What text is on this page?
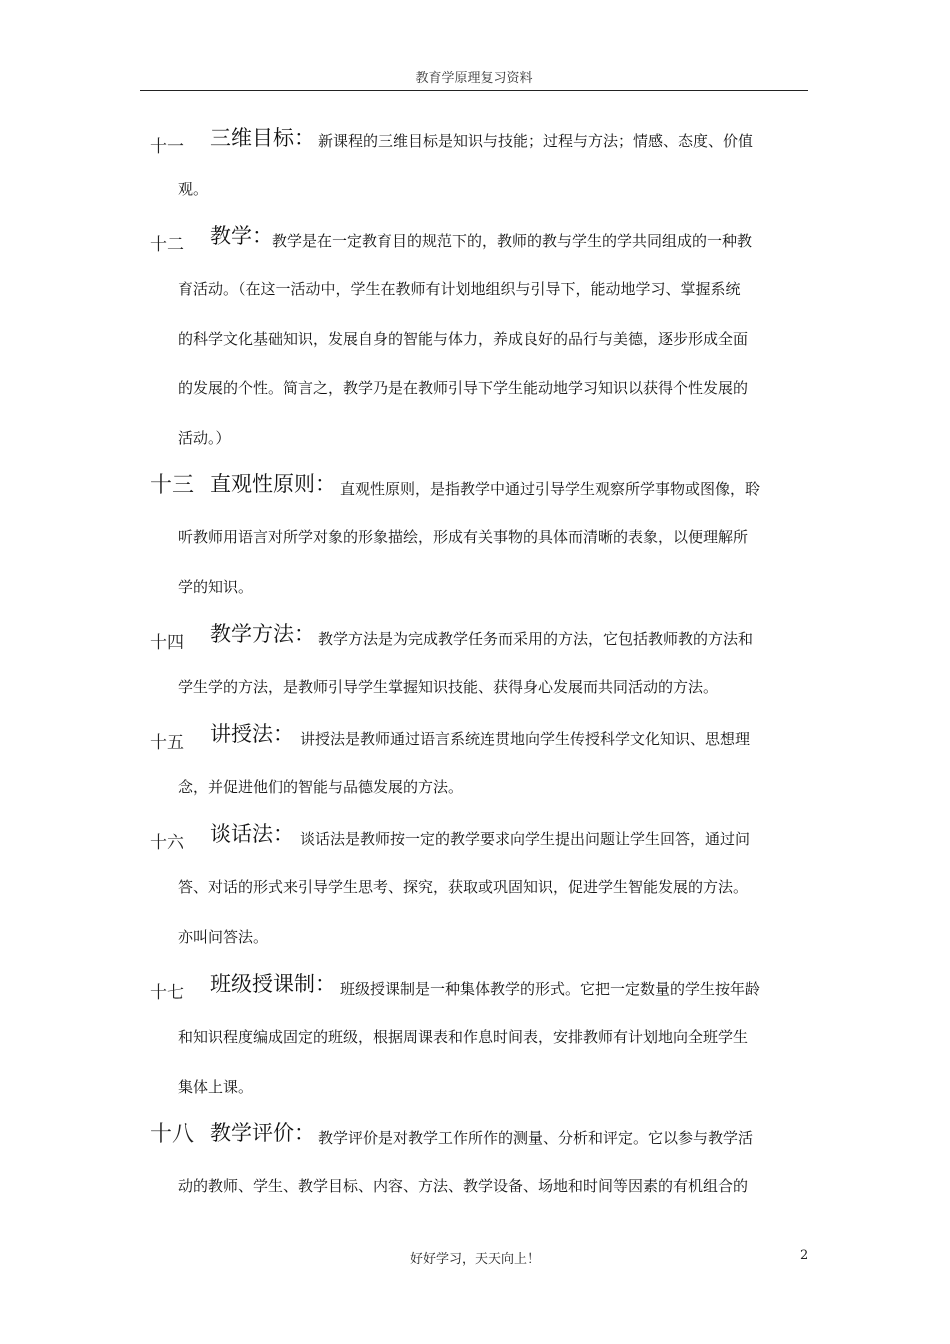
教育学原理复习资料
十一 三维目标： 新课程的三维目标是知识与技能；过程与方法；情感、态度、价值
观。
十二 教学： 教学是在一定教育目的规范下的，教师的教与学生的学共同组成的一种教
育活动。（在这一活动中，学生在教师有计划地组织与引导下，能动地学习、掌握系统
的科学文化基础知识，发展自身的智能与体力，养成良好的品行与美德，逐步形成全面
的发展的个性。简言之，教学乃是在教师引导下学生能动地学习知识以获得个性发展的
活动。）
十三 直观性原则： 直观性原则，是指教学中通过引导学生观察所学事物或图像，聆
听教师用语言对所学对象的形象描绘，形成有关事物的具体而清晰的表象，以便理解所
学的知识。
十四 教学方法： 教学方法是为完成教学任务而采用的方法，它包括教师教的方法和
学生学的方法，是教师引导学生掌握知识技能、获得身心发展而共同活动的方法。
十五 讲授法： 讲授法是教师通过语言系统连贯地向学生传授科学文化知识、思想理
念，并促进他们的智能与品德发展的方法。
十六 谈话法： 谈话法是教师按一定的教学要求向学生提出问题让学生回答，通过问
答、对话的形式来引导学生思考、探究，获取或巩固知识，促进学生智能发展的方法。
亦叫问答法。
十七 班级授课制： 班级授课制是一种集体教学的形式。它把一定数量的学生按年龄
和知识程度编成固定的班级，根据周课表和作息时间表，安排教师有计划地向全班学生
集体上课。
十八 教学评价： 教学评价是对教学工作所作的测量、分析和评定。它以参与教学活
动的教师、学生、教学目标、内容、方法、教学设备、场地和时间等因素的有机组合的
好好学习，天天向上！	2
